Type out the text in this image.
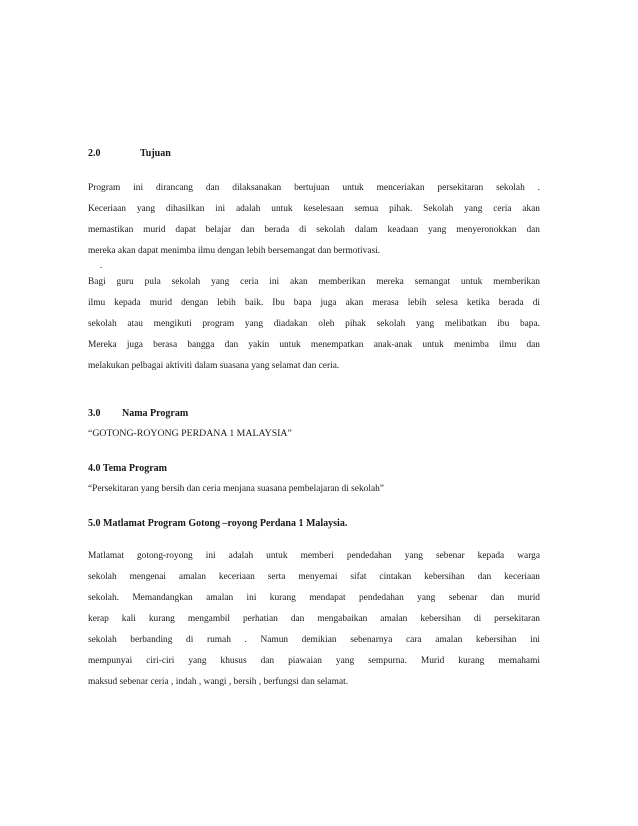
2.0	Tujuan
Program ini dirancang dan dilaksanakan bertujuan untuk menceriakan persekitaran sekolah .
Keceriaan yang dihasilkan ini adalah untuk keselesaan semua pihak. Sekolah yang ceria akan
memastikan murid dapat belajar dan berada di sekolah dalam keadaan yang menyeronokkan dan
mereka akan dapat menimba ilmu dengan lebih bersemangat dan bermotivasi.
.
Bagi guru pula sekolah yang ceria ini akan memberikan mereka semangat untuk memberikan
ilmu kepada murid dengan lebih baik. Ibu bapa juga akan merasa lebih selesa ketika berada di
sekolah atau mengikuti program yang diadakan oleh pihak sekolah yang melibatkan ibu bapa.
Mereka juga berasa bangga dan yakin untuk menempatkan anak-anak untuk menimba ilmu dan
melakukan pelbagai aktiviti dalam suasana yang selamat dan ceria.
3.0 Nama Program
“GOTONG-ROYONG PERDANA 1 MALAYSIA”
4.0 Tema Program
“Persekitaran yang bersih dan ceria menjana suasana pembelajaran di sekolah”
5.0 Matlamat Program Gotong –royong Perdana 1 Malaysia.
Matlamat gotong-royong ini adalah untuk memberi pendedahan yang sebenar kepada warga
sekolah mengenai amalan keceriaan serta menyemai sifat cintakan kebersihan dan keceriaan
sekolah. Memandangkan amalan ini kurang mendapat pendedahan yang sebenar dan murid
kerap kali kurang mengambil perhatian dan mengabaikan amalan kebersihan di persekitaran
sekolah berbanding di rumah . Namun demikian sebenarnya cara amalan kebersihan ini
mempunyai ciri-ciri yang khusus dan piawaian yang sempurna. Murid kurang memahami
maksud sebenar ceria , indah , wangi , bersih , berfungsi dan selamat.
